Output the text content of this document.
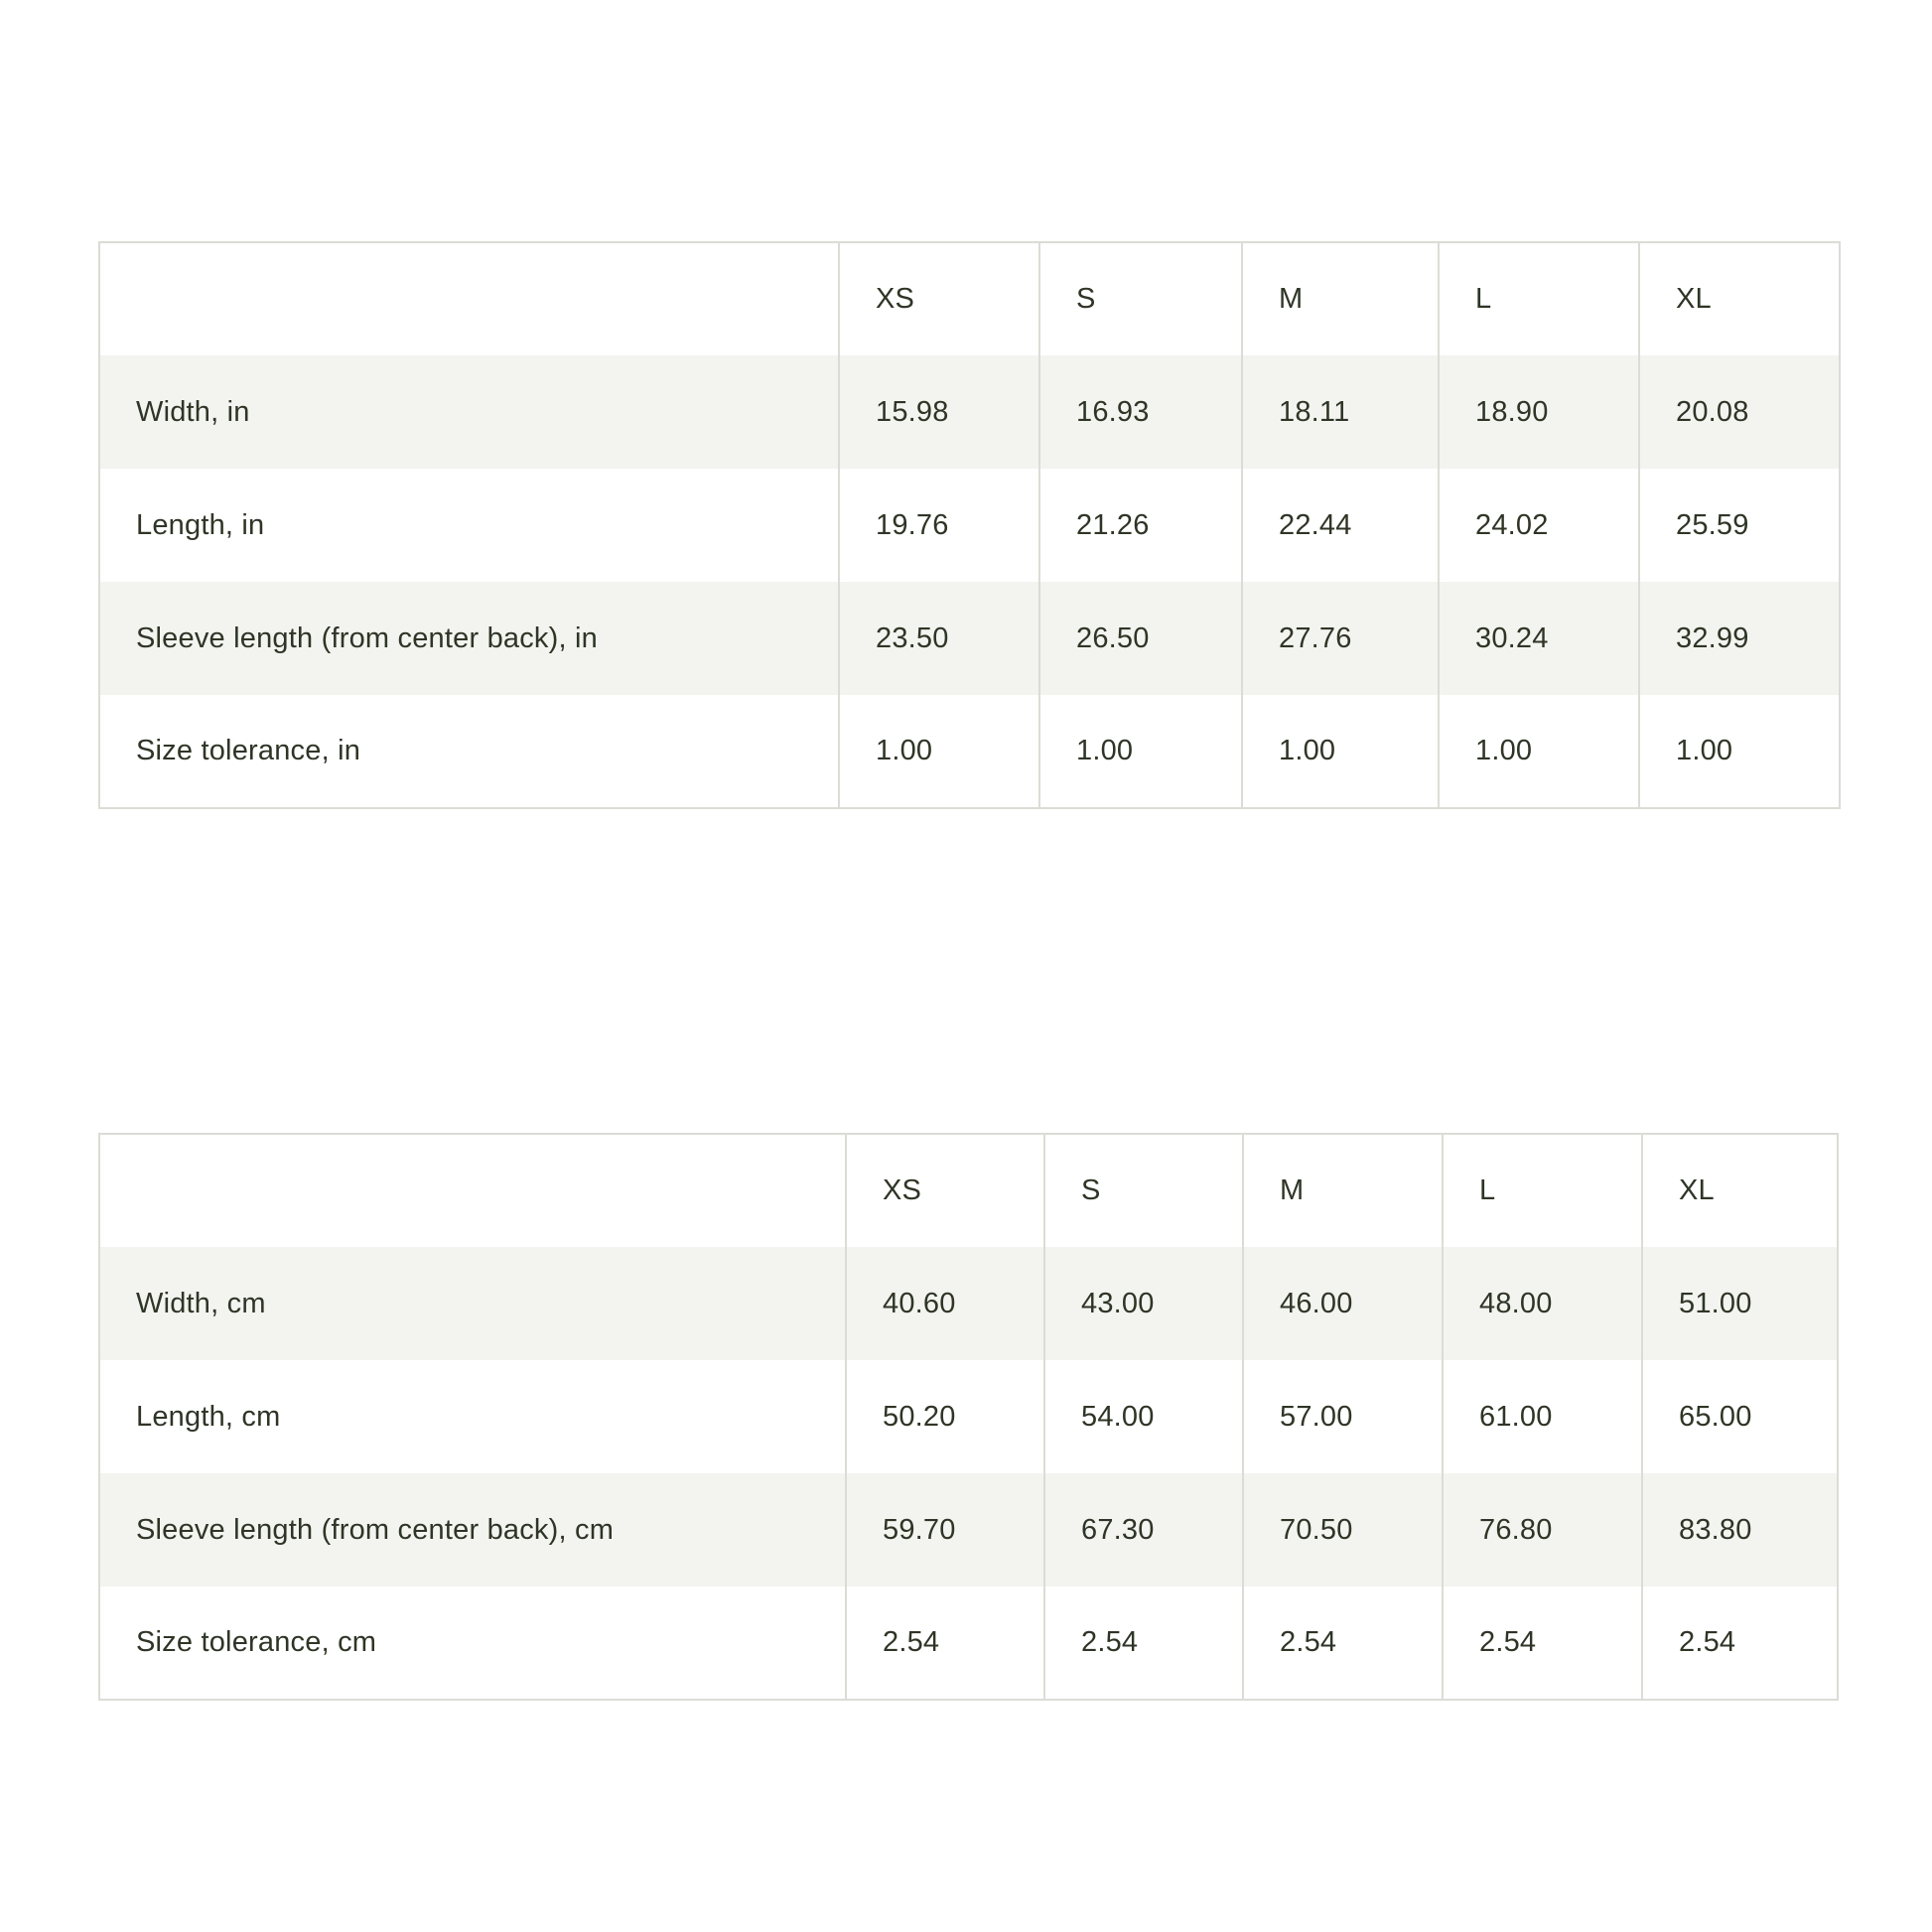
	XS	S	M	L	XL
Width, in	15.98	16.93	18.11	18.90	20.08
Length, in	19.76	21.26	22.44	24.02	25.59
Sleeve length (from center back), in	23.50	26.50	27.76	30.24	32.99
Size tolerance, in	1.00	1.00	1.00	1.00	1.00
	XS	S	M	L	XL
Width, cm	40.60	43.00	46.00	48.00	51.00
Length, cm	50.20	54.00	57.00	61.00	65.00
Sleeve length (from center back), cm	59.70	67.30	70.50	76.80	83.80
Size tolerance, cm	2.54	2.54	2.54	2.54	2.54
